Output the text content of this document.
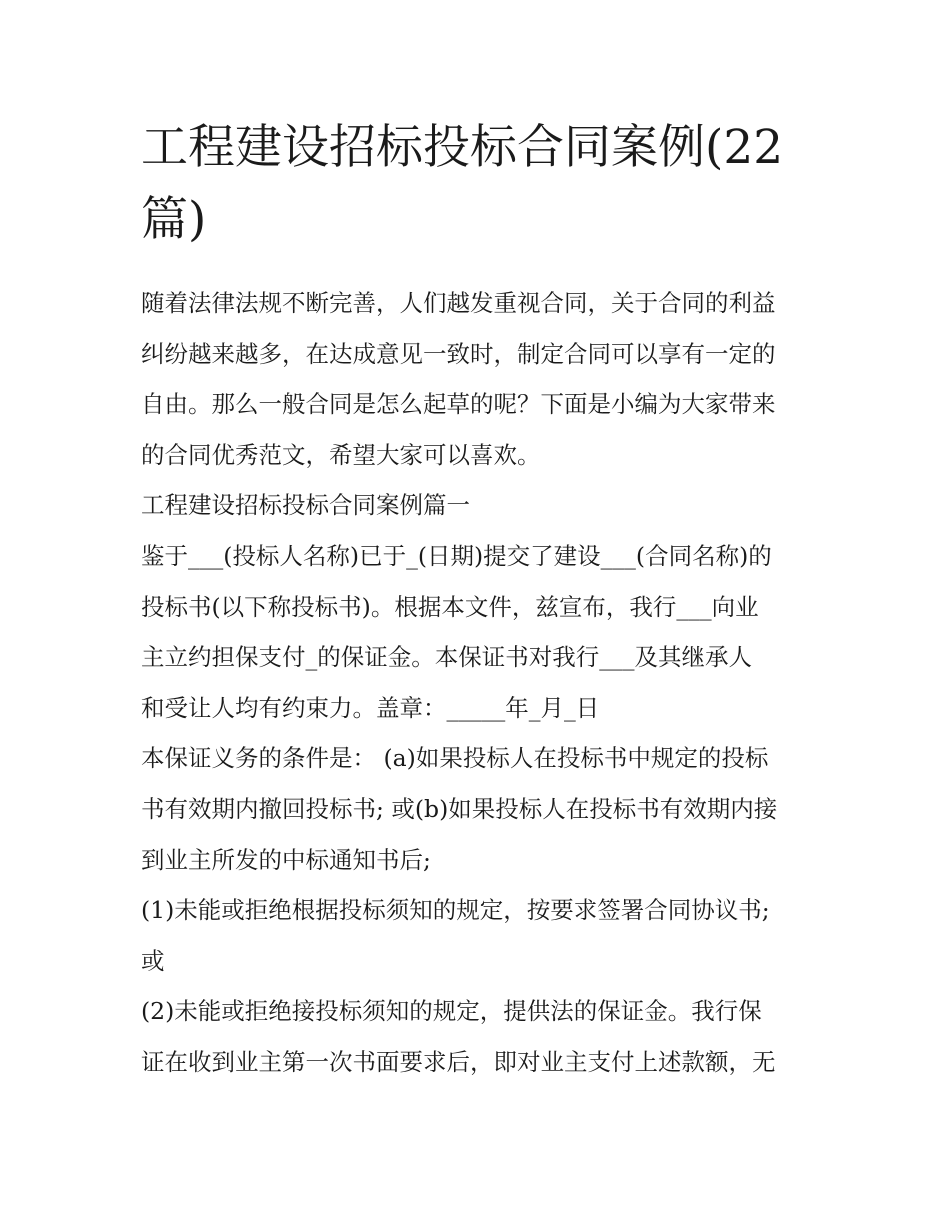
工程建设招标投标合同案例(22
篇)

随着法律法规不断完善，人们越发重视合同，关于合同的利益

纠纷越来越多，在达成意见一致时，制定合同可以享有一定的

自由。那么一般合同是怎么起草的呢？下面是小编为大家带来

的合同优秀范文，希望大家可以喜欢。

工程建设招标投标合同案例篇一

鉴于___(投标人名称)已于_(日期)提交了建设___(合同名称)的

投标书(以下称投标书)。根据本文件，兹宣布，我行___向业

主立约担保支付_的保证金。本保证书对我行___及其继承人

和受让人均有约束力。盖章：_____年_月_日

本保证义务的条件是： (a)如果投标人在投标书中规定的投标

书有效期内撤回投标书; 或(b)如果投标人在投标书有效期内接

到业主所发的中标通知书后;

(1)未能或拒绝根据投标须知的规定，按要求签署合同协议书;

或

(2)未能或拒绝接投标须知的规定，提供法的保证金。我行保

证在收到业主第一次书面要求后，即对业主支付上述款额，无
